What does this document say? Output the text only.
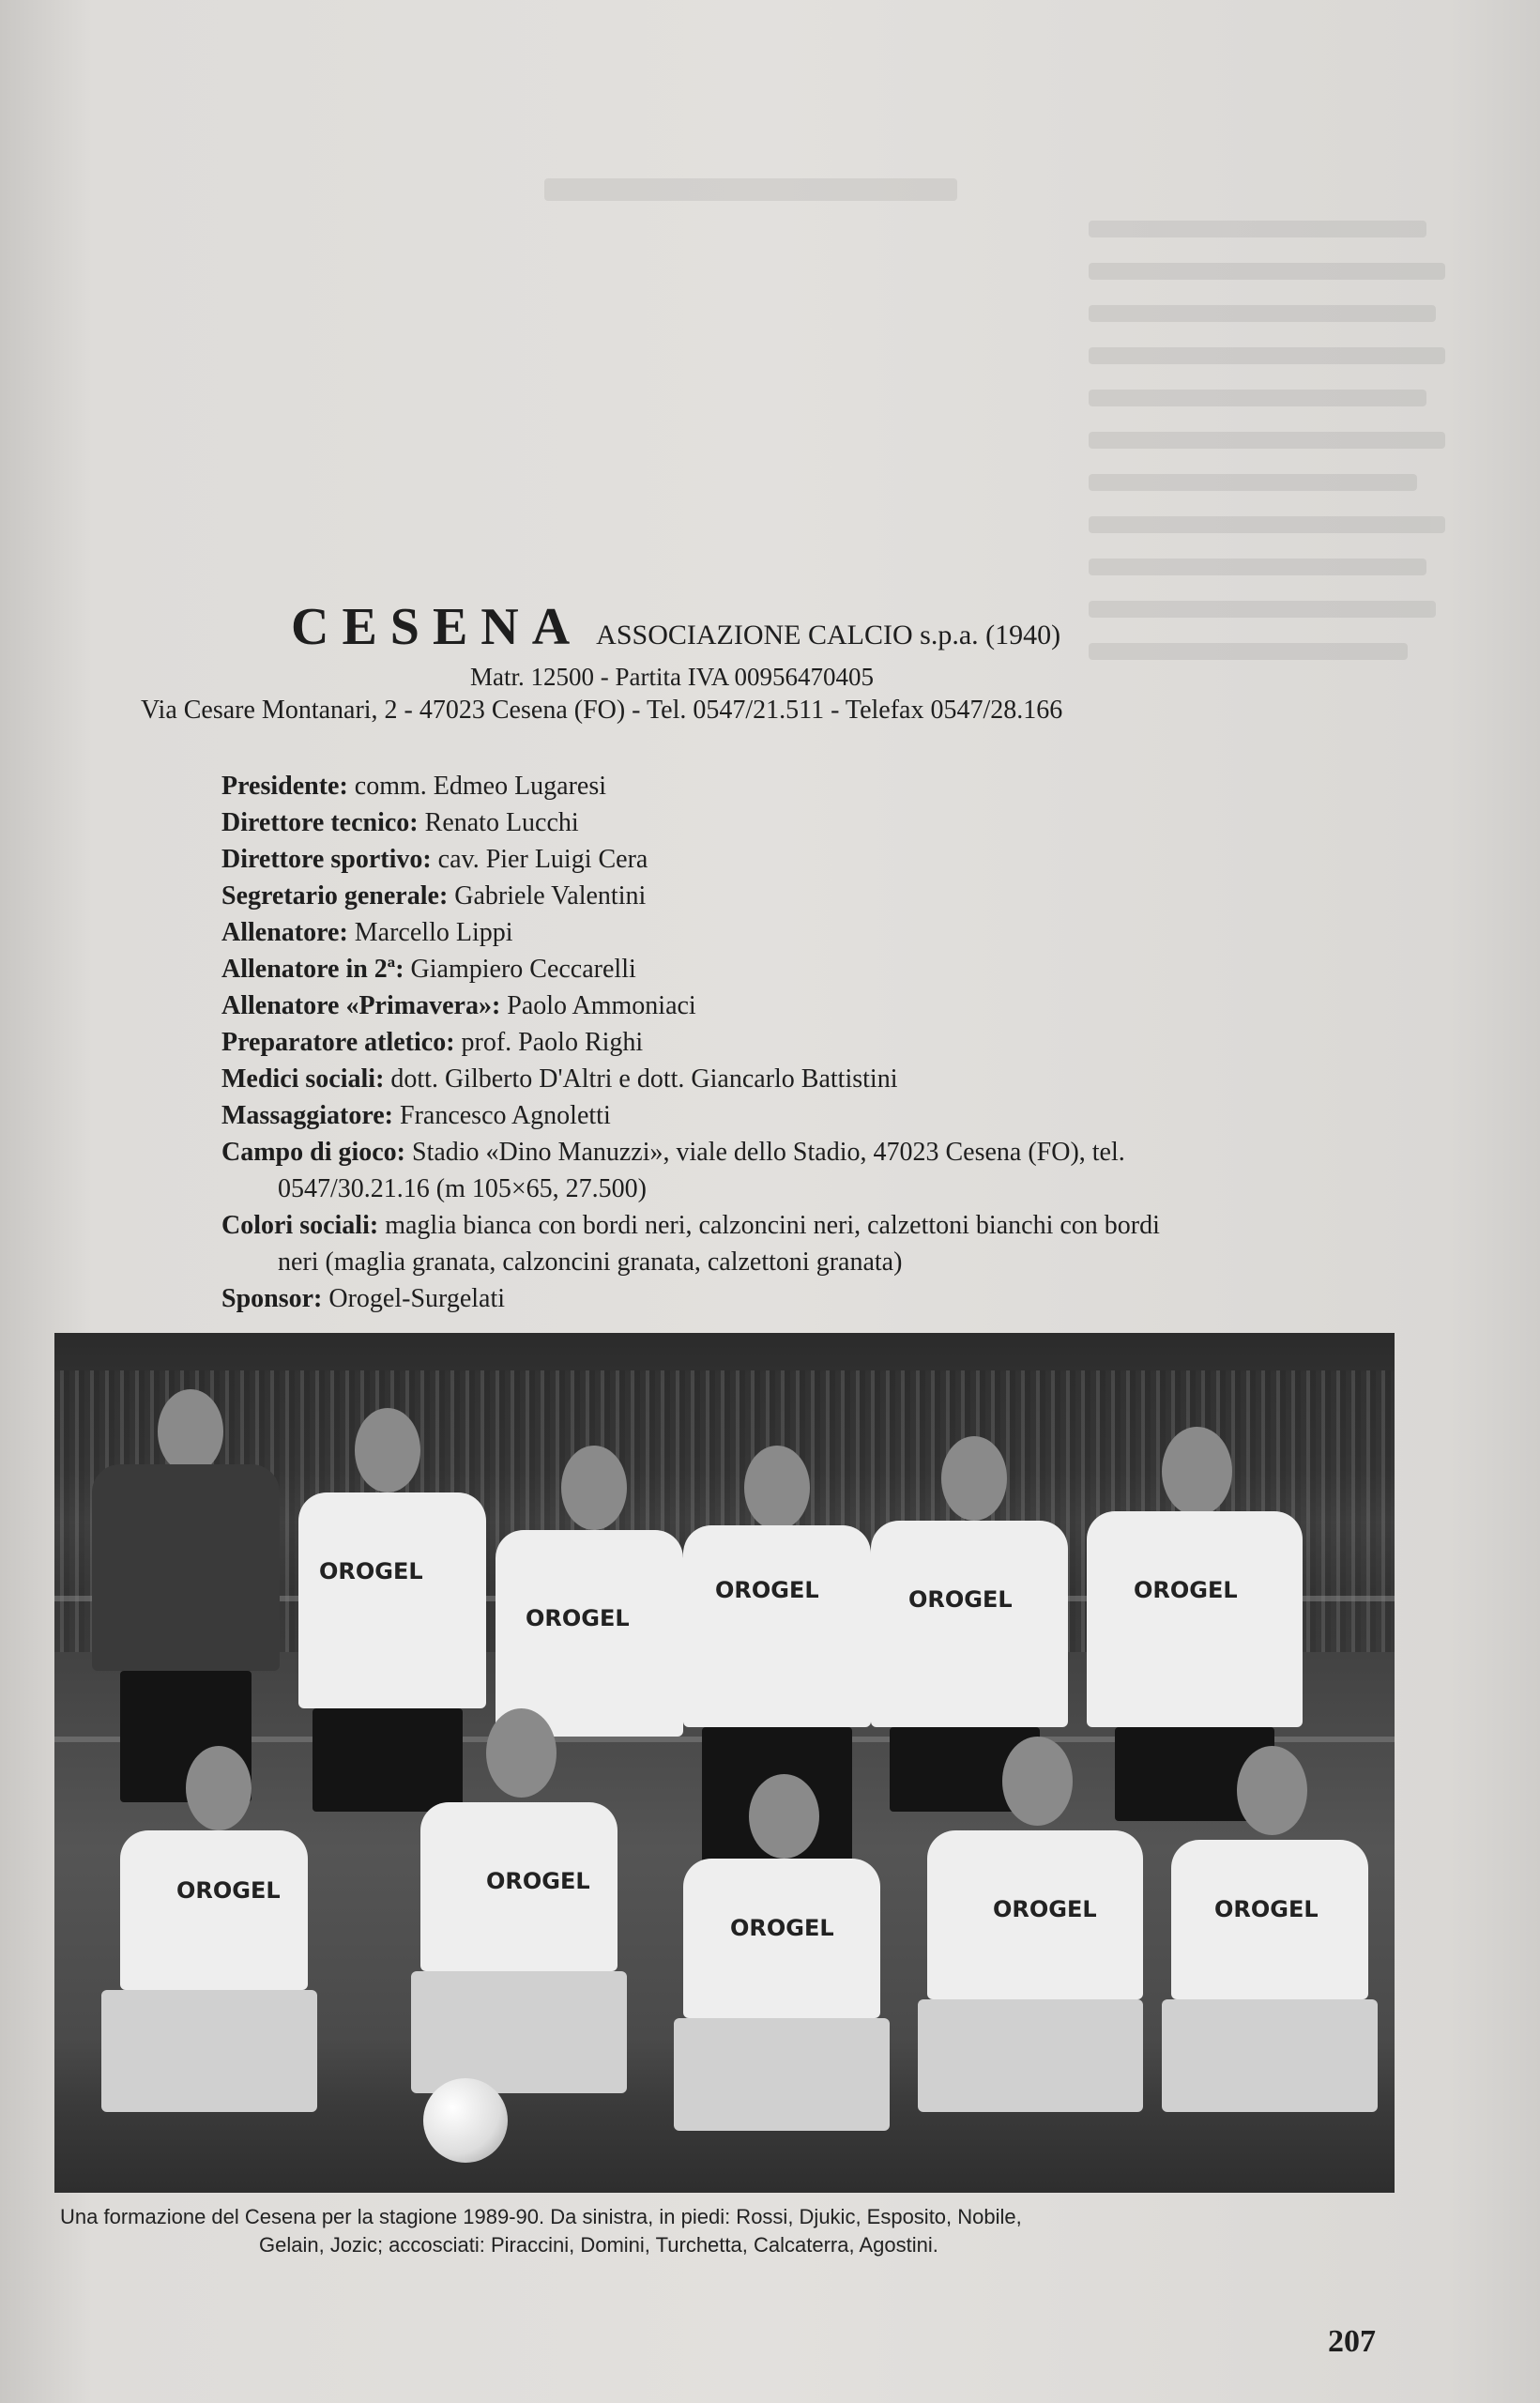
CESENA ASSOCIAZIONE CALCIO s.p.a. (1940)
Matr. 12500 - Partita IVA 00956470405
Via Cesare Montanari, 2 - 47023 Cesena (FO) - Tel. 0547/21.511 - Telefax 0547/28.166
Presidente: comm. Edmeo Lugaresi
Direttore tecnico: Renato Lucchi
Direttore sportivo: cav. Pier Luigi Cera
Segretario generale: Gabriele Valentini
Allenatore: Marcello Lippi
Allenatore in 2ª: Giampiero Ceccarelli
Allenatore «Primavera»: Paolo Ammoniaci
Preparatore atletico: prof. Paolo Righi
Medici sociali: dott. Gilberto D'Altri e dott. Giancarlo Battistini
Massaggiatore: Francesco Agnoletti
Campo di gioco: Stadio «Dino Manuzzi», viale dello Stadio, 47023 Cesena (FO), tel.
0547/30.21.16 (m 105×65, 27.500)
Colori sociali: maglia bianca con bordi neri, calzoncini neri, calzettoni bianchi con bordi
neri (maglia granata, calzoncini granata, calzettoni granata)
Sponsor: Orogel-Surgelati
OROGEL
OROGEL
OROGEL	OROGEL	OROGEL
OROGEL	OROGEL
OROGEL
OROGEL	OROGEL
Una formazione del Cesena per la stagione 1989-90. Da sinistra, in piedi: Rossi, Djukic, Esposito, Nobile,
Gelain, Jozic; accosciati: Piraccini, Domini, Turchetta, Calcaterra, Agostini.
207
